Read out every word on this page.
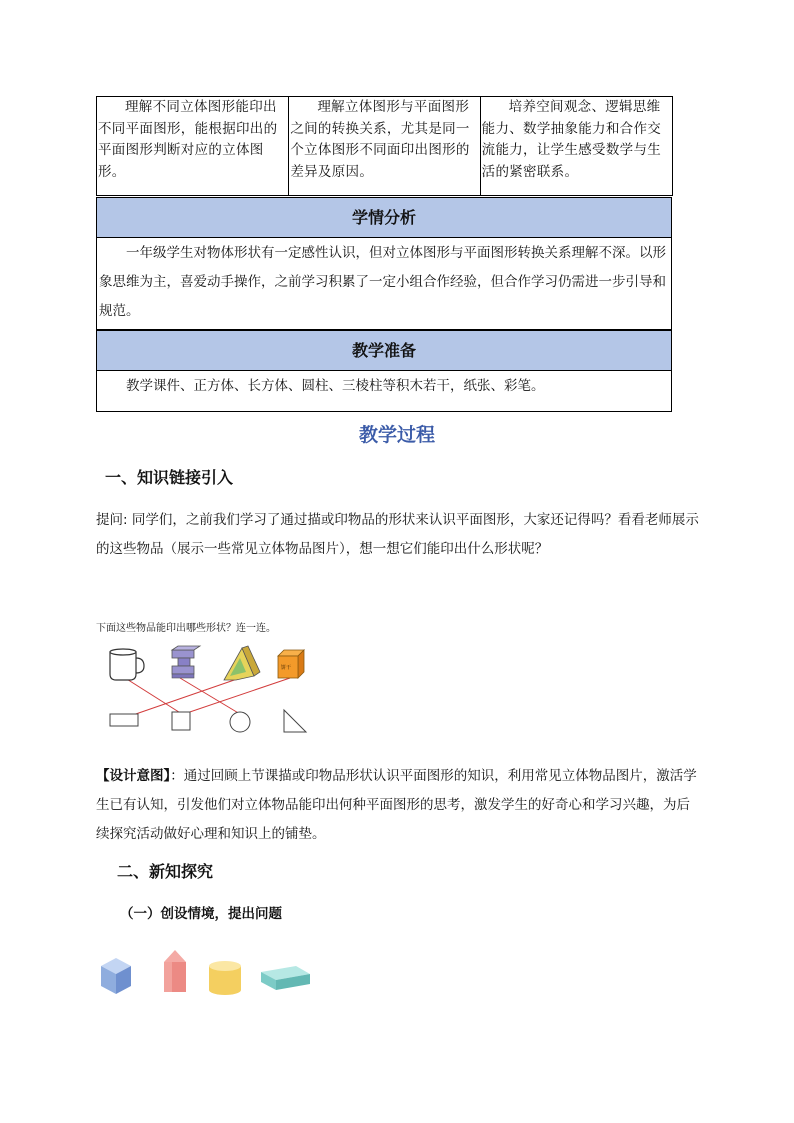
理解不同立体图形能印出不同平面图形，能根据印出的平面图形判断对应的立体图形。	理解立体图形与平面图形之间的转换关系，尤其是同一个立体图形不同面印出图形的差异及原因。	培养空间观念、逻辑思维能力、数学抽象能力和合作交流能力，让学生感受数学与生活的紧密联系。
学情分析
一年级学生对物体形状有一定感性认识，但对立体图形与平面图形转换关系理解不深。以形象思维为主，喜爱动手操作，之前学习积累了一定小组合作经验，但合作学习仍需进一步引导和规范。
教学准备
教学课件、正方体、长方体、圆柱、三棱柱等积木若干，纸张、彩笔。
教学过程
一、知识链接引入
提问: 同学们，之前我们学习了通过描或印物品的形状来认识平面图形，大家还记得吗？看看老师展示的这些物品（展示一些常见立体物品图片），想一想它们能印出什么形状呢？
下面这些物品能印出哪些形状？连一连。
饼干
【设计意图】：通过回顾上节课描或印物品形状认识平面图形的知识，利用常见立体物品图片，激活学生已有认知，引发他们对立体物品能印出何种平面图形的思考，激发学生的好奇心和学习兴趣，为后续探究活动做好心理和知识上的铺垫。
二、新知探究
（一）创设情境，提出问题
